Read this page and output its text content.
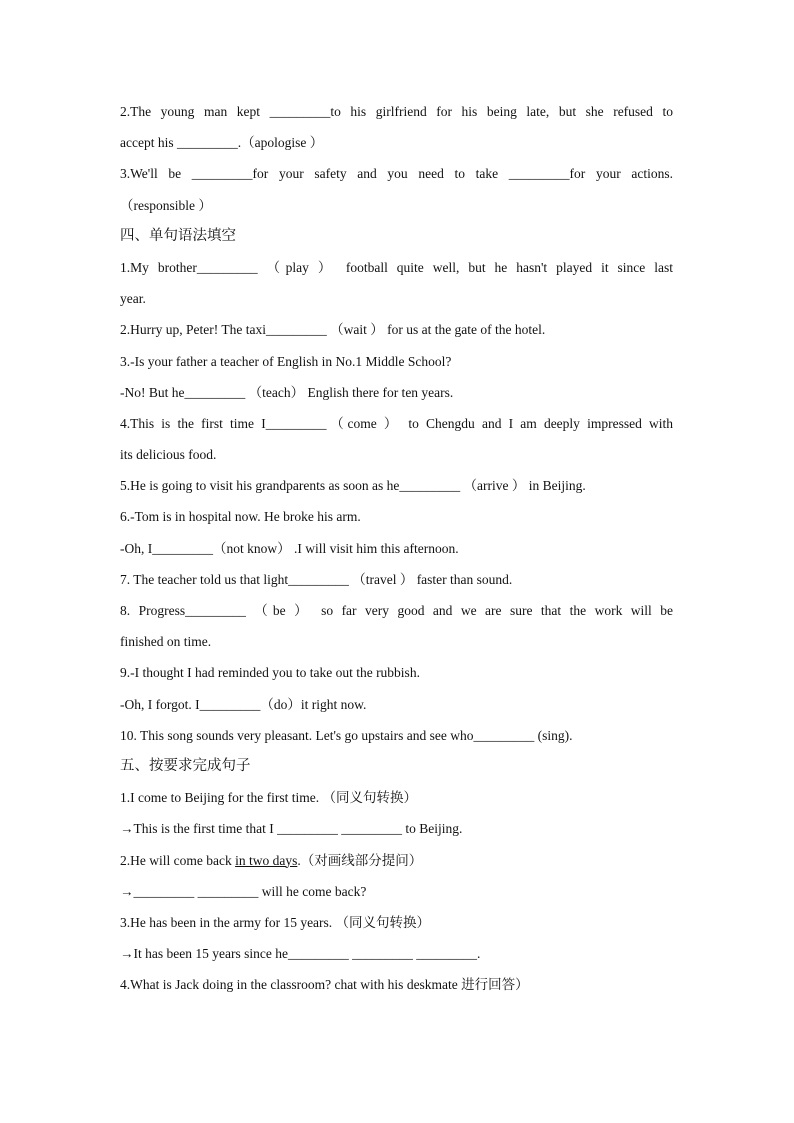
2.The young man kept _________to his girlfriend for his being late, but she refused to
accept his _________.（apologise ）
3.We'll be _________for your safety and you need to take _________for your actions.
（responsible ）
四、单句语法填空
1.My brother_________ （play ） football quite well, but he hasn't played it since last
year.
2.Hurry up, Peter! The taxi_________ （wait ） for us at the gate of the hotel.
3.-Is your father a teacher of English in No.1 Middle School?
-No! But he_________ （teach） English there for ten years.
4.This is the first time I_________（come ） to Chengdu and I am deeply impressed with
its delicious food.
5.He is going to visit his grandparents as soon as he_________ （arrive ） in Beijing.
6.-Tom is in hospital now. He broke his arm.
-Oh, I_________（not know） .I will visit him this afternoon.
7. The teacher told us that light_________ （travel ） faster than sound.
8. Progress_________ （be ） so far very good and we are sure that the work will be
finished on time.
9.-I thought I had reminded you to take out the rubbish.
-Oh, I forgot. I_________（do）it right now.
10. This song sounds very pleasant. Let's go upstairs and see who_________ (sing).
五、按要求完成句子
1.I come to Beijing for the first time. （同义句转换）
→This is the first time that I _________ _________ to Beijing.
2.He will come back in two days.（对画线部分提问）
→_________ _________ will he come back?
3.He has been in the army for 15 years. （同义句转换）
→It has been 15 years since he_________ _________ _________.
4.What is Jack doing in the classroom? chat with his deskmate 进行回答）
